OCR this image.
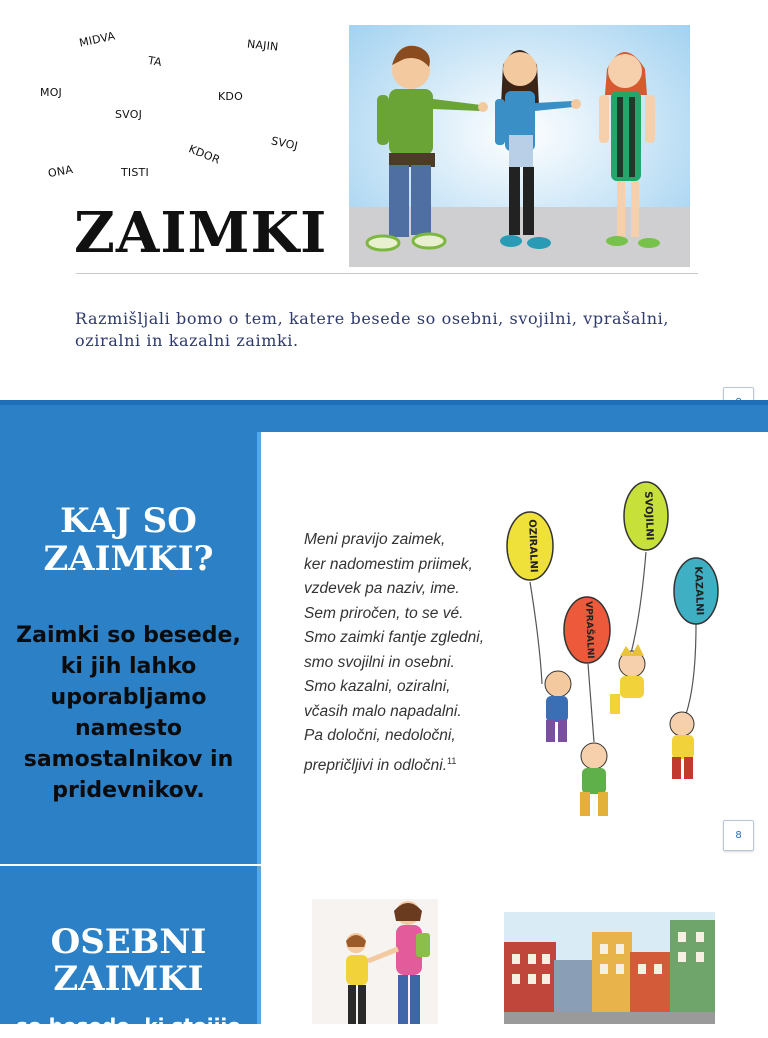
MIDVA
TA
NAJIN
MOJ
SVOJ
KDO
KDOR	SVOJ
ONA	TISTI
ZAIMKI

Razmišljali bomo o tem, katere besede so osebni, svojilni, vprašalni, oziralni in kazalni zaimki.

KAJ SO ZAIMKI?

Zaimki so besede, ki jih lahko uporabljamo namesto samostalnikov in pridevnikov.

Meni pravijo zaimek,
ker nadomestim priimek,
vzdevek pa naziv, ime.
Sem priročen, to se vé.
Smo zaimki fantje zgledni,
smo svojilni in osebni.
Smo kazalni, oziralni,
včasih malo napadalni.
Pa določni, nedoločni,
prepričljivi in odločni.$^{11}$
OZIRALNI
SVOJILNI
VPRAŠALNI
KAZALNI
8
OSEBNI ZAIMKI

so besede, ki stojijo
